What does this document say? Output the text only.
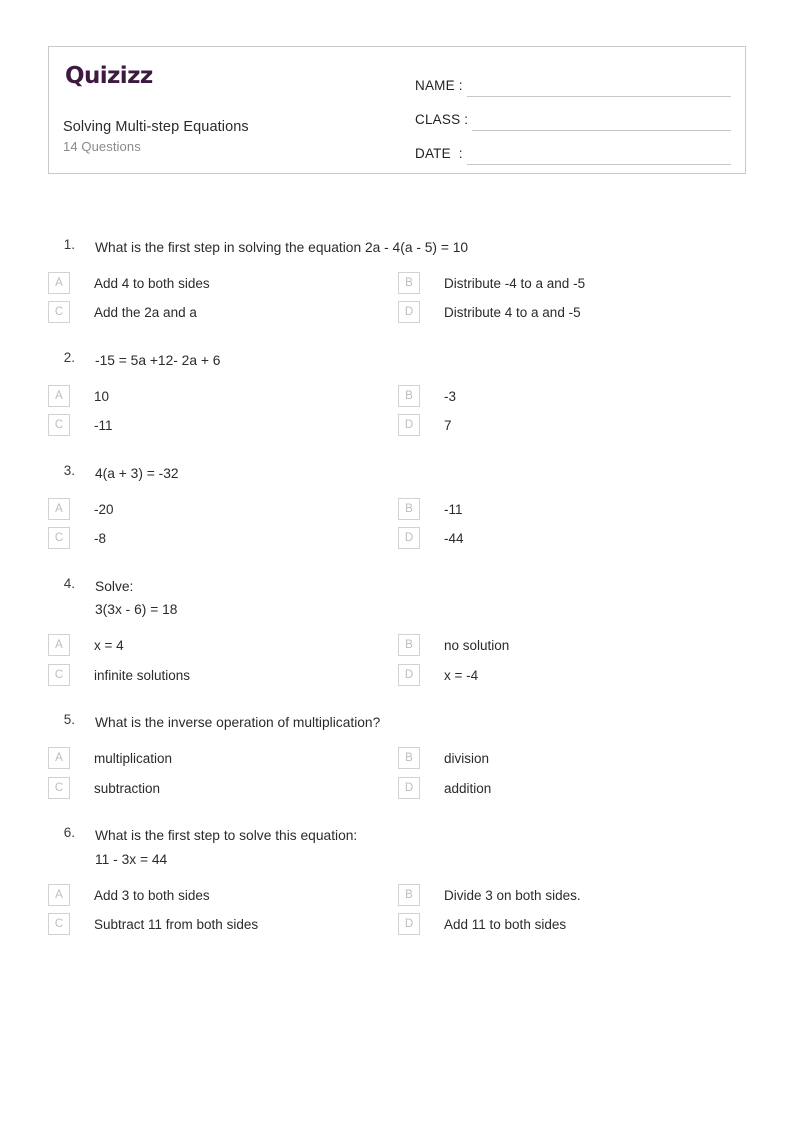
Quizizz
Solving Multi-step Equations
14 Questions
NAME :
CLASS :
DATE  :
1. What is the first step in solving the equation 2a - 4(a - 5) = 10
A	Add 4 to both sides	B	Distribute -4 to a and -5
C	Add the 2a and a	D	Distribute 4 to a and -5
2. -15 = 5a +12- 2a + 6
A	10	B	-3
C	-11	D	7
3. 4(a + 3) = -32
A	-20	B	-11
C	-8	D	-44
4. Solve:
3(3x - 6) = 18
A	x = 4	B	no solution
C	infinite solutions	D	x = -4
5. What is the inverse operation of multiplication?
A	multiplication	B	division
C	subtraction	D	addition
6. What is the first step to solve this equation:
11 - 3x = 44
A	Add 3 to both sides	B	Divide 3 on both sides.
C	Subtract 11 from both sides	D	Add 11 to both sides
